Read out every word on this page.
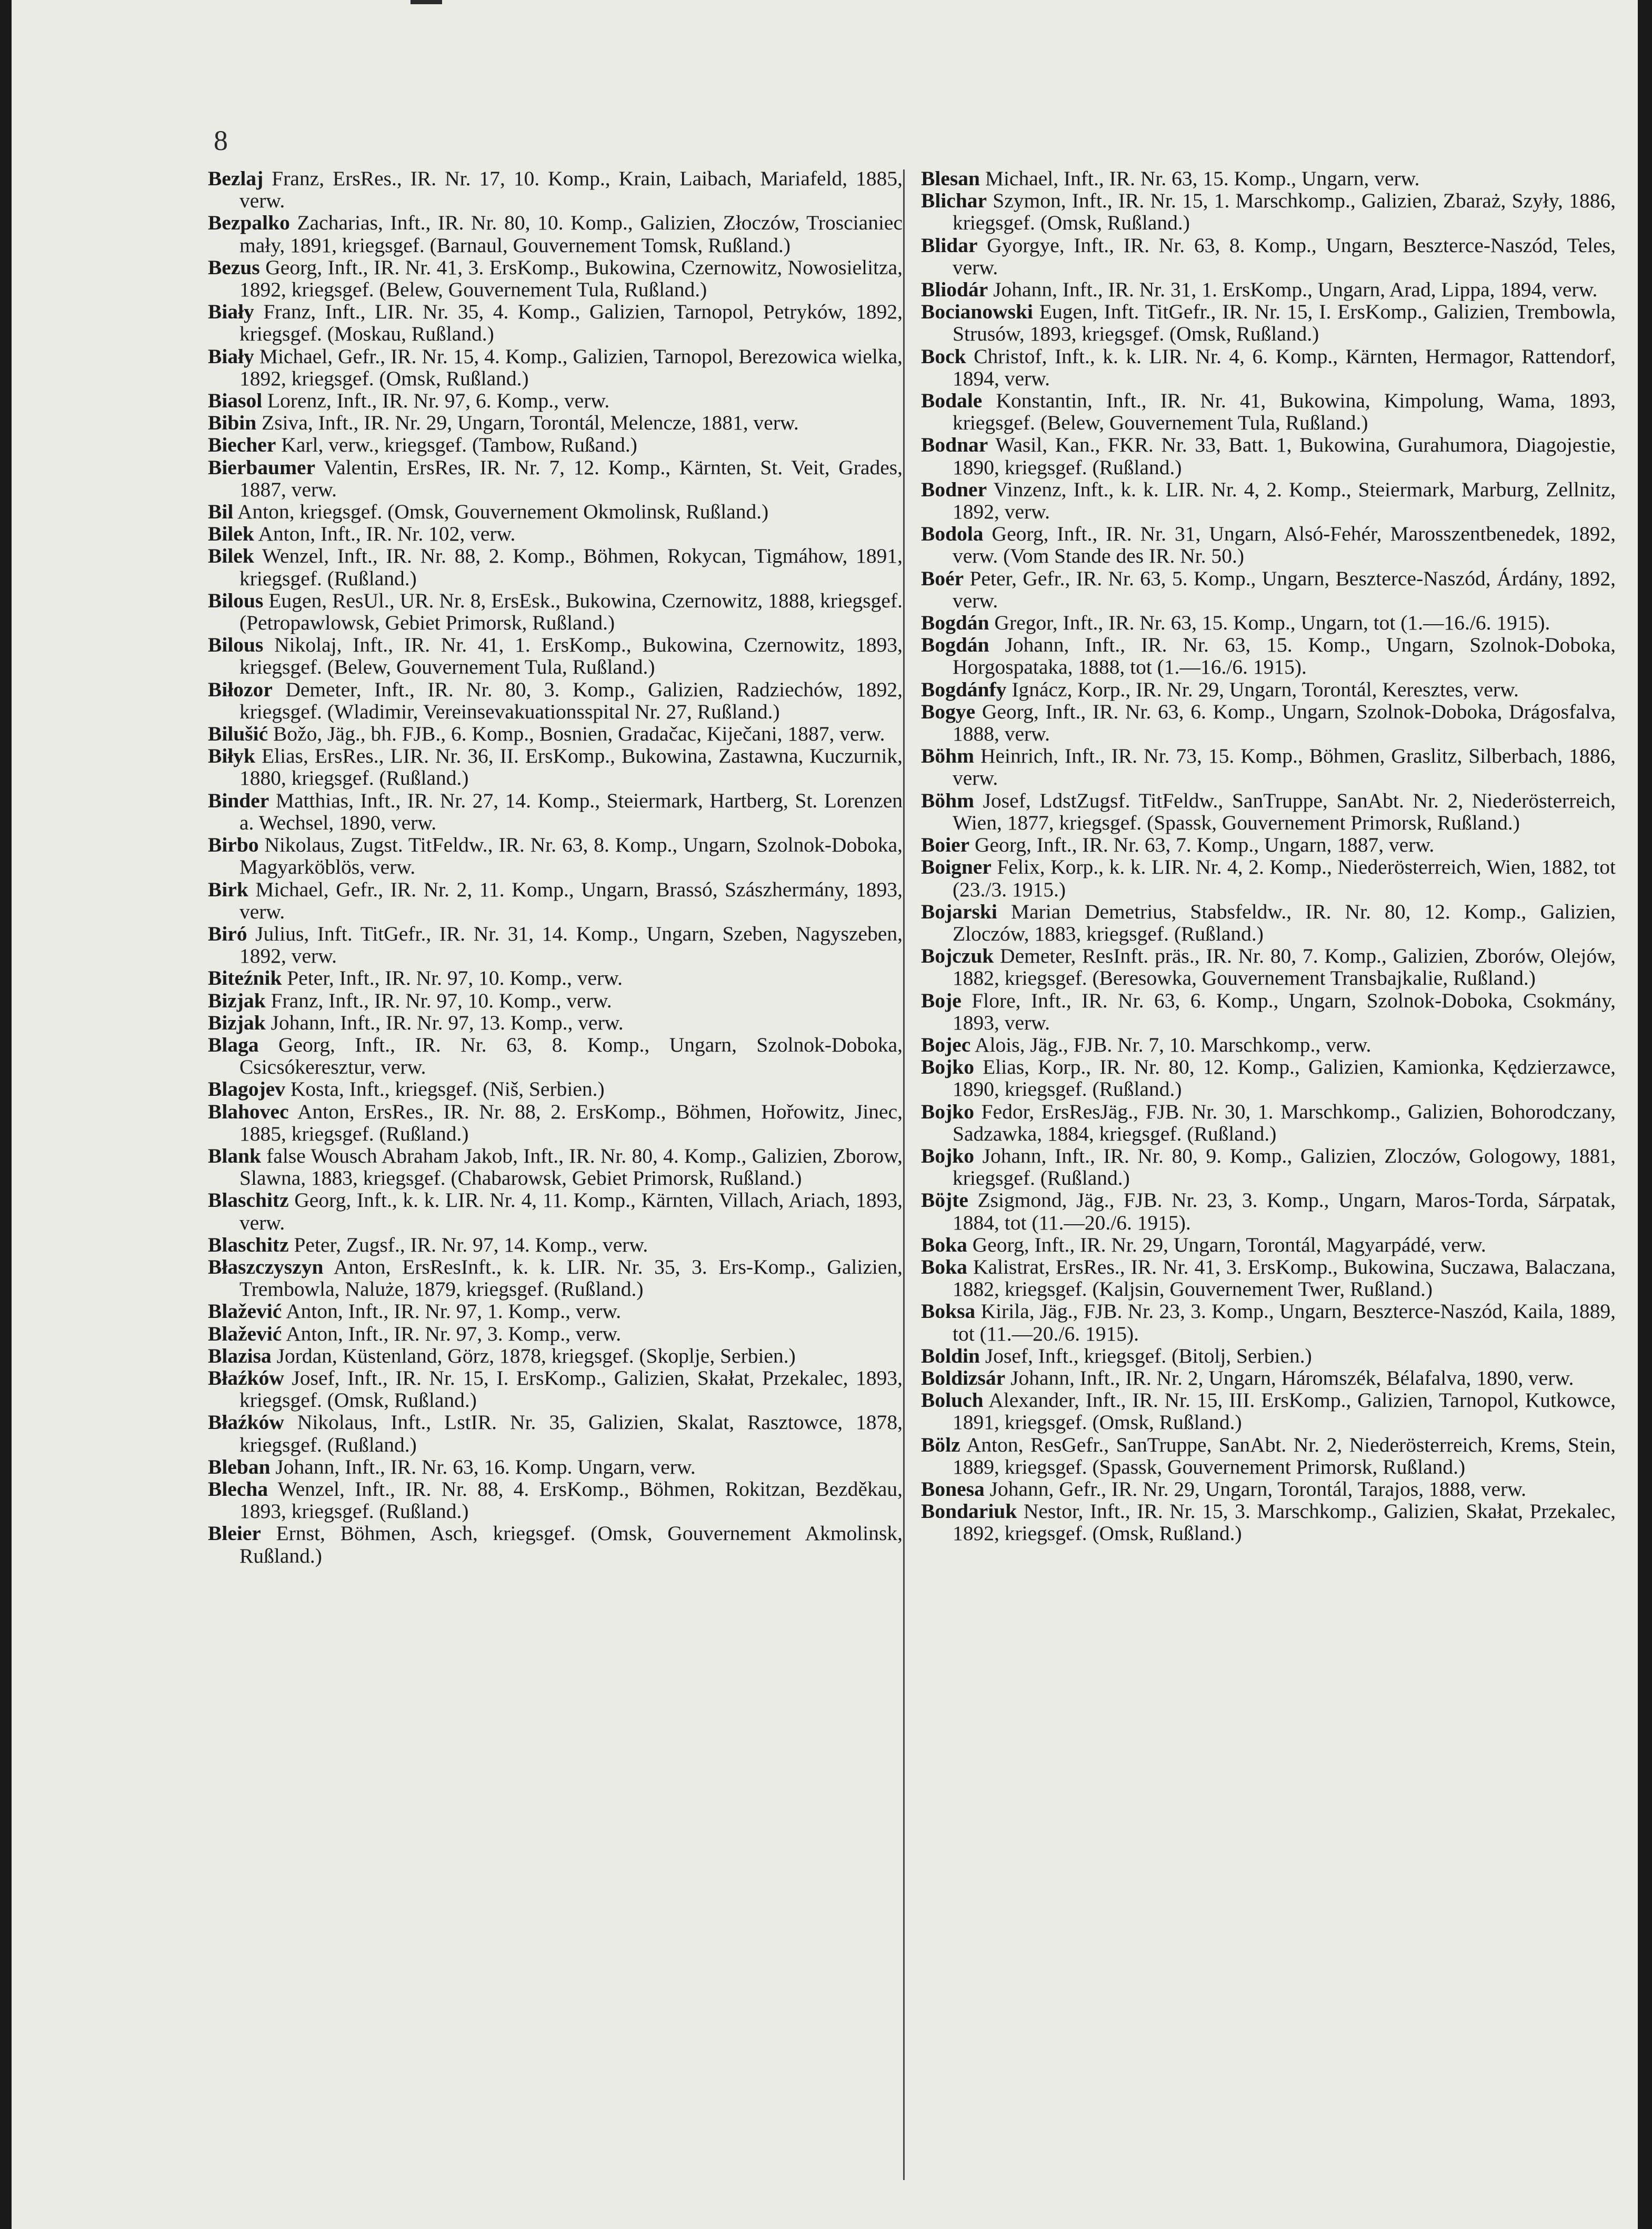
8

Bezlaj Franz, ErsRes., IR. Nr. 17, 10. Komp., Krain, Laibach, Mariafeld, 1885, verw.

Bezpalko Zacharias, Inft., IR. Nr. 80, 10. Komp., Galizien, Złoczów, Troscianiec mały, 1891, kriegsgef. (Barnaul, Gouvernement Tomsk, Rußland.)

Bezus Georg, Inft., IR. Nr. 41, 3. ErsKomp., Bukowina, Czernowitz, Nowosielitza, 1892, kriegsgef. (Belew, Gouvernement Tula, Rußland.)

Biały Franz, Inft., LIR. Nr. 35, 4. Komp., Galizien, Tarnopol, Petryków, 1892, kriegsgef. (Moskau, Rußland.)

Biały Michael, Gefr., IR. Nr. 15, 4. Komp., Galizien, Tarnopol, Berezowica wielka, 1892, kriegsgef. (Omsk, Rußland.)

Biasol Lorenz, Inft., IR. Nr. 97, 6. Komp., verw.

Bibin Zsiva, Inft., IR. Nr. 29, Ungarn, Torontál, Melencze, 1881, verw.

Biecher Karl, verw., kriegsgef. (Tambow, Rußand.)

Bierbaumer Valentin, ErsRes, IR. Nr. 7, 12. Komp., Kärnten, St. Veit, Grades, 1887, verw.

Bil Anton, kriegsgef. (Omsk, Gouvernement Okmolinsk, Rußland.)

Bilek Anton, Inft., IR. Nr. 102, verw.

Bilek Wenzel, Inft., IR. Nr. 88, 2. Komp., Böhmen, Rokycan, Tigmáhow, 1891, kriegsgef. (Rußland.)

Bilous Eugen, ResUl., UR. Nr. 8, ErsEsk., Bukowina, Czernowitz, 1888, kriegsgef. (Petropawlowsk, Gebiet Primorsk, Rußland.)

Bilous Nikolaj, Inft., IR. Nr. 41, 1. ErsKomp., Bukowina, Czernowitz, 1893, kriegsgef. (Belew, Gouvernement Tula, Rußland.)

Biłozor Demeter, Inft., IR. Nr. 80, 3. Komp., Galizien, Radziechów, 1892, kriegsgef. (Wladimir, Vereinsevakuationsspital Nr. 27, Rußland.)

Bilušić Božo, Jäg., bh. FJB., 6. Komp., Bosnien, Gradačac, Kiječani, 1887, verw.

Biłyk Elias, ErsRes., LIR. Nr. 36, II. ErsKomp., Bukowina, Zastawna, Kuczurnik, 1880, kriegsgef. (Rußland.)

Binder Matthias, Inft., IR. Nr. 27, 14. Komp., Steiermark, Hartberg, St. Lorenzen a. Wechsel, 1890, verw.

Birbo Nikolaus, Zugst. TitFeldw., IR. Nr. 63, 8. Komp., Ungarn, Szolnok-Doboka, Magyarköblös, verw.

Birk Michael, Gefr., IR. Nr. 2, 11. Komp., Ungarn, Brassó, Szászhermány, 1893, verw.

Biró Julius, Inft. TitGefr., IR. Nr. 31, 14. Komp., Ungarn, Szeben, Nagyszeben, 1892, verw.

Biteźnik Peter, Inft., IR. Nr. 97, 10. Komp., verw.

Bizjak Franz, Inft., IR. Nr. 97, 10. Komp., verw.

Bizjak Johann, Inft., IR. Nr. 97, 13. Komp., verw.

Blaga Georg, Inft., IR. Nr. 63, 8. Komp., Ungarn, Szolnok-Doboka, Csicsókeresztur, verw.

Blagojev Kosta, Inft., kriegsgef. (Niš, Serbien.)

Blahovec Anton, ErsRes., IR. Nr. 88, 2. ErsKomp., Böhmen, Hořowitz, Jinec, 1885, kriegsgef. (Rußland.)

Blank false Wousch Abraham Jakob, Inft., IR. Nr. 80, 4. Komp., Galizien, Zborow, Slawna, 1883, kriegsgef. (Chabarowsk, Gebiet Primorsk, Rußland.)

Blaschitz Georg, Inft., k. k. LIR. Nr. 4, 11. Komp., Kärnten, Villach, Ariach, 1893, verw.

Blaschitz Peter, Zugsf., IR. Nr. 97, 14. Komp., verw.

Błaszczyszyn Anton, ErsResInft., k. k. LIR. Nr. 35, 3. Ers-Komp., Galizien, Trembowla, Naluże, 1879, kriegsgef. (Rußland.)

Blažević Anton, Inft., IR. Nr. 97, 1. Komp., verw.

Blažević Anton, Inft., IR. Nr. 97, 3. Komp., verw.

Blazisa Jordan, Küstenland, Görz, 1878, kriegsgef. (Skoplje, Serbien.)

Błaźków Josef, Inft., IR. Nr. 15, I. ErsKomp., Galizien, Skałat, Przekalec, 1893, kriegsgef. (Omsk, Rußland.)

Błaźków Nikolaus, Inft., LstIR. Nr. 35, Galizien, Skalat, Rasztowce, 1878, kriegsgef. (Rußland.)

Bleban Johann, Inft., IR. Nr. 63, 16. Komp. Ungarn, verw.

Blecha Wenzel, Inft., IR. Nr. 88, 4. ErsKomp., Böhmen, Rokitzan, Bezděkau, 1893, kriegsgef. (Rußland.)

Bleier Ernst, Böhmen, Asch, kriegsgef. (Omsk, Gouvernement Akmolinsk, Rußland.)

Blesan Michael, Inft., IR. Nr. 63, 15. Komp., Ungarn, verw.

Blichar Szymon, Inft., IR. Nr. 15, 1. Marschkomp., Galizien, Zbaraż, Szyły, 1886, kriegsgef. (Omsk, Rußland.)

Blidar Gyorgye, Inft., IR. Nr. 63, 8. Komp., Ungarn, Beszterce-Naszód, Teles, verw.

Bliodár Johann, Inft., IR. Nr. 31, 1. ErsKomp., Ungarn, Arad, Lippa, 1894, verw.

Bocianowski Eugen, Inft. TitGefr., IR. Nr. 15, I. ErsKomp., Galizien, Trembowla, Strusów, 1893, kriegsgef. (Omsk, Rußland.)

Bock Christof, Inft., k. k. LIR. Nr. 4, 6. Komp., Kärnten, Hermagor, Rattendorf, 1894, verw.

Bodale Konstantin, Inft., IR. Nr. 41, Bukowina, Kimpolung, Wama, 1893, kriegsgef. (Belew, Gouvernement Tula, Rußland.)

Bodnar Wasil, Kan., FKR. Nr. 33, Batt. 1, Bukowina, Gurahumora, Diagojestie, 1890, kriegsgef. (Rußland.)

Bodner Vinzenz, Inft., k. k. LIR. Nr. 4, 2. Komp., Steiermark, Marburg, Zellnitz, 1892, verw.

Bodola Georg, Inft., IR. Nr. 31, Ungarn, Alsó-Fehér, Marosszentbenedek, 1892, verw. (Vom Stande des IR. Nr. 50.)

Boér Peter, Gefr., IR. Nr. 63, 5. Komp., Ungarn, Beszterce-Naszód, Árdány, 1892, verw.

Bogdán Gregor, Inft., IR. Nr. 63, 15. Komp., Ungarn, tot (1.—16./6. 1915).

Bogdán Johann, Inft., IR. Nr. 63, 15. Komp., Ungarn, Szolnok-Doboka, Horgospataka, 1888, tot (1.—16./6. 1915).

Bogdánfy Ignácz, Korp., IR. Nr. 29, Ungarn, Torontál, Keresztes, verw.

Bogye Georg, Inft., IR. Nr. 63, 6. Komp., Ungarn, Szolnok-Doboka, Drágosfalva, 1888, verw.

Böhm Heinrich, Inft., IR. Nr. 73, 15. Komp., Böhmen, Graslitz, Silberbach, 1886, verw.

Böhm Josef, LdstZugsf. TitFeldw., SanTruppe, SanAbt. Nr. 2, Niederösterreich, Wien, 1877, kriegsgef. (Spassk, Gouvernement Primorsk, Rußland.)

Boier Georg, Inft., IR. Nr. 63, 7. Komp., Ungarn, 1887, verw.

Boigner Felix, Korp., k. k. LIR. Nr. 4, 2. Komp., Niederösterreich, Wien, 1882, tot (23./3. 1915.)

Bojarski Marian Demetrius, Stabsfeldw., IR. Nr. 80, 12. Komp., Galizien, Zloczów, 1883, kriegsgef. (Rußland.)

Bojczuk Demeter, ResInft. präs., IR. Nr. 80, 7. Komp., Galizien, Zborów, Olejów, 1882, kriegsgef. (Beresowka, Gouvernement Transbajkalie, Rußland.)

Boje Flore, Inft., IR. Nr. 63, 6. Komp., Ungarn, Szolnok-Doboka, Csokmány, 1893, verw.

Bojec Alois, Jäg., FJB. Nr. 7, 10. Marschkomp., verw.

Bojko Elias, Korp., IR. Nr. 80, 12. Komp., Galizien, Kamionka, Kędzierzawce, 1890, kriegsgef. (Rußland.)

Bojko Fedor, ErsResJäg., FJB. Nr. 30, 1. Marschkomp., Galizien, Bohorodczany, Sadzawka, 1884, kriegsgef. (Rußland.)

Bojko Johann, Inft., IR. Nr. 80, 9. Komp., Galizien, Zloczów, Gologowy, 1881, kriegsgef. (Rußland.)

Böjte Zsigmond, Jäg., FJB. Nr. 23, 3. Komp., Ungarn, Maros-Torda, Sárpatak, 1884, tot (11.—20./6. 1915).

Boka Georg, Inft., IR. Nr. 29, Ungarn, Torontál, Magyarpádé, verw.

Boka Kalistrat, ErsRes., IR. Nr. 41, 3. ErsKomp., Bukowina, Suczawa, Balaczana, 1882, kriegsgef. (Kaljsin, Gouvernement Twer, Rußland.)

Boksa Kirila, Jäg., FJB. Nr. 23, 3. Komp., Ungarn, Beszterce-Naszód, Kaila, 1889, tot (11.—20./6. 1915).

Boldin Josef, Inft., kriegsgef. (Bitolj, Serbien.)

Boldizsár Johann, Inft., IR. Nr. 2, Ungarn, Háromszék, Bélafalva, 1890, verw.

Boluch Alexander, Inft., IR. Nr. 15, III. ErsKomp., Galizien, Tarnopol, Kutkowce, 1891, kriegsgef. (Omsk, Rußland.)

Bölz Anton, ResGefr., SanTruppe, SanAbt. Nr. 2, Niederösterreich, Krems, Stein, 1889, kriegsgef. (Spassk, Gouvernement Primorsk, Rußland.)

Bonesa Johann, Gefr., IR. Nr. 29, Ungarn, Torontál, Tarajos, 1888, verw.

Bondariuk Nestor, Inft., IR. Nr. 15, 3. Marschkomp., Galizien, Skałat, Przekalec, 1892, kriegsgef. (Omsk, Rußland.)
